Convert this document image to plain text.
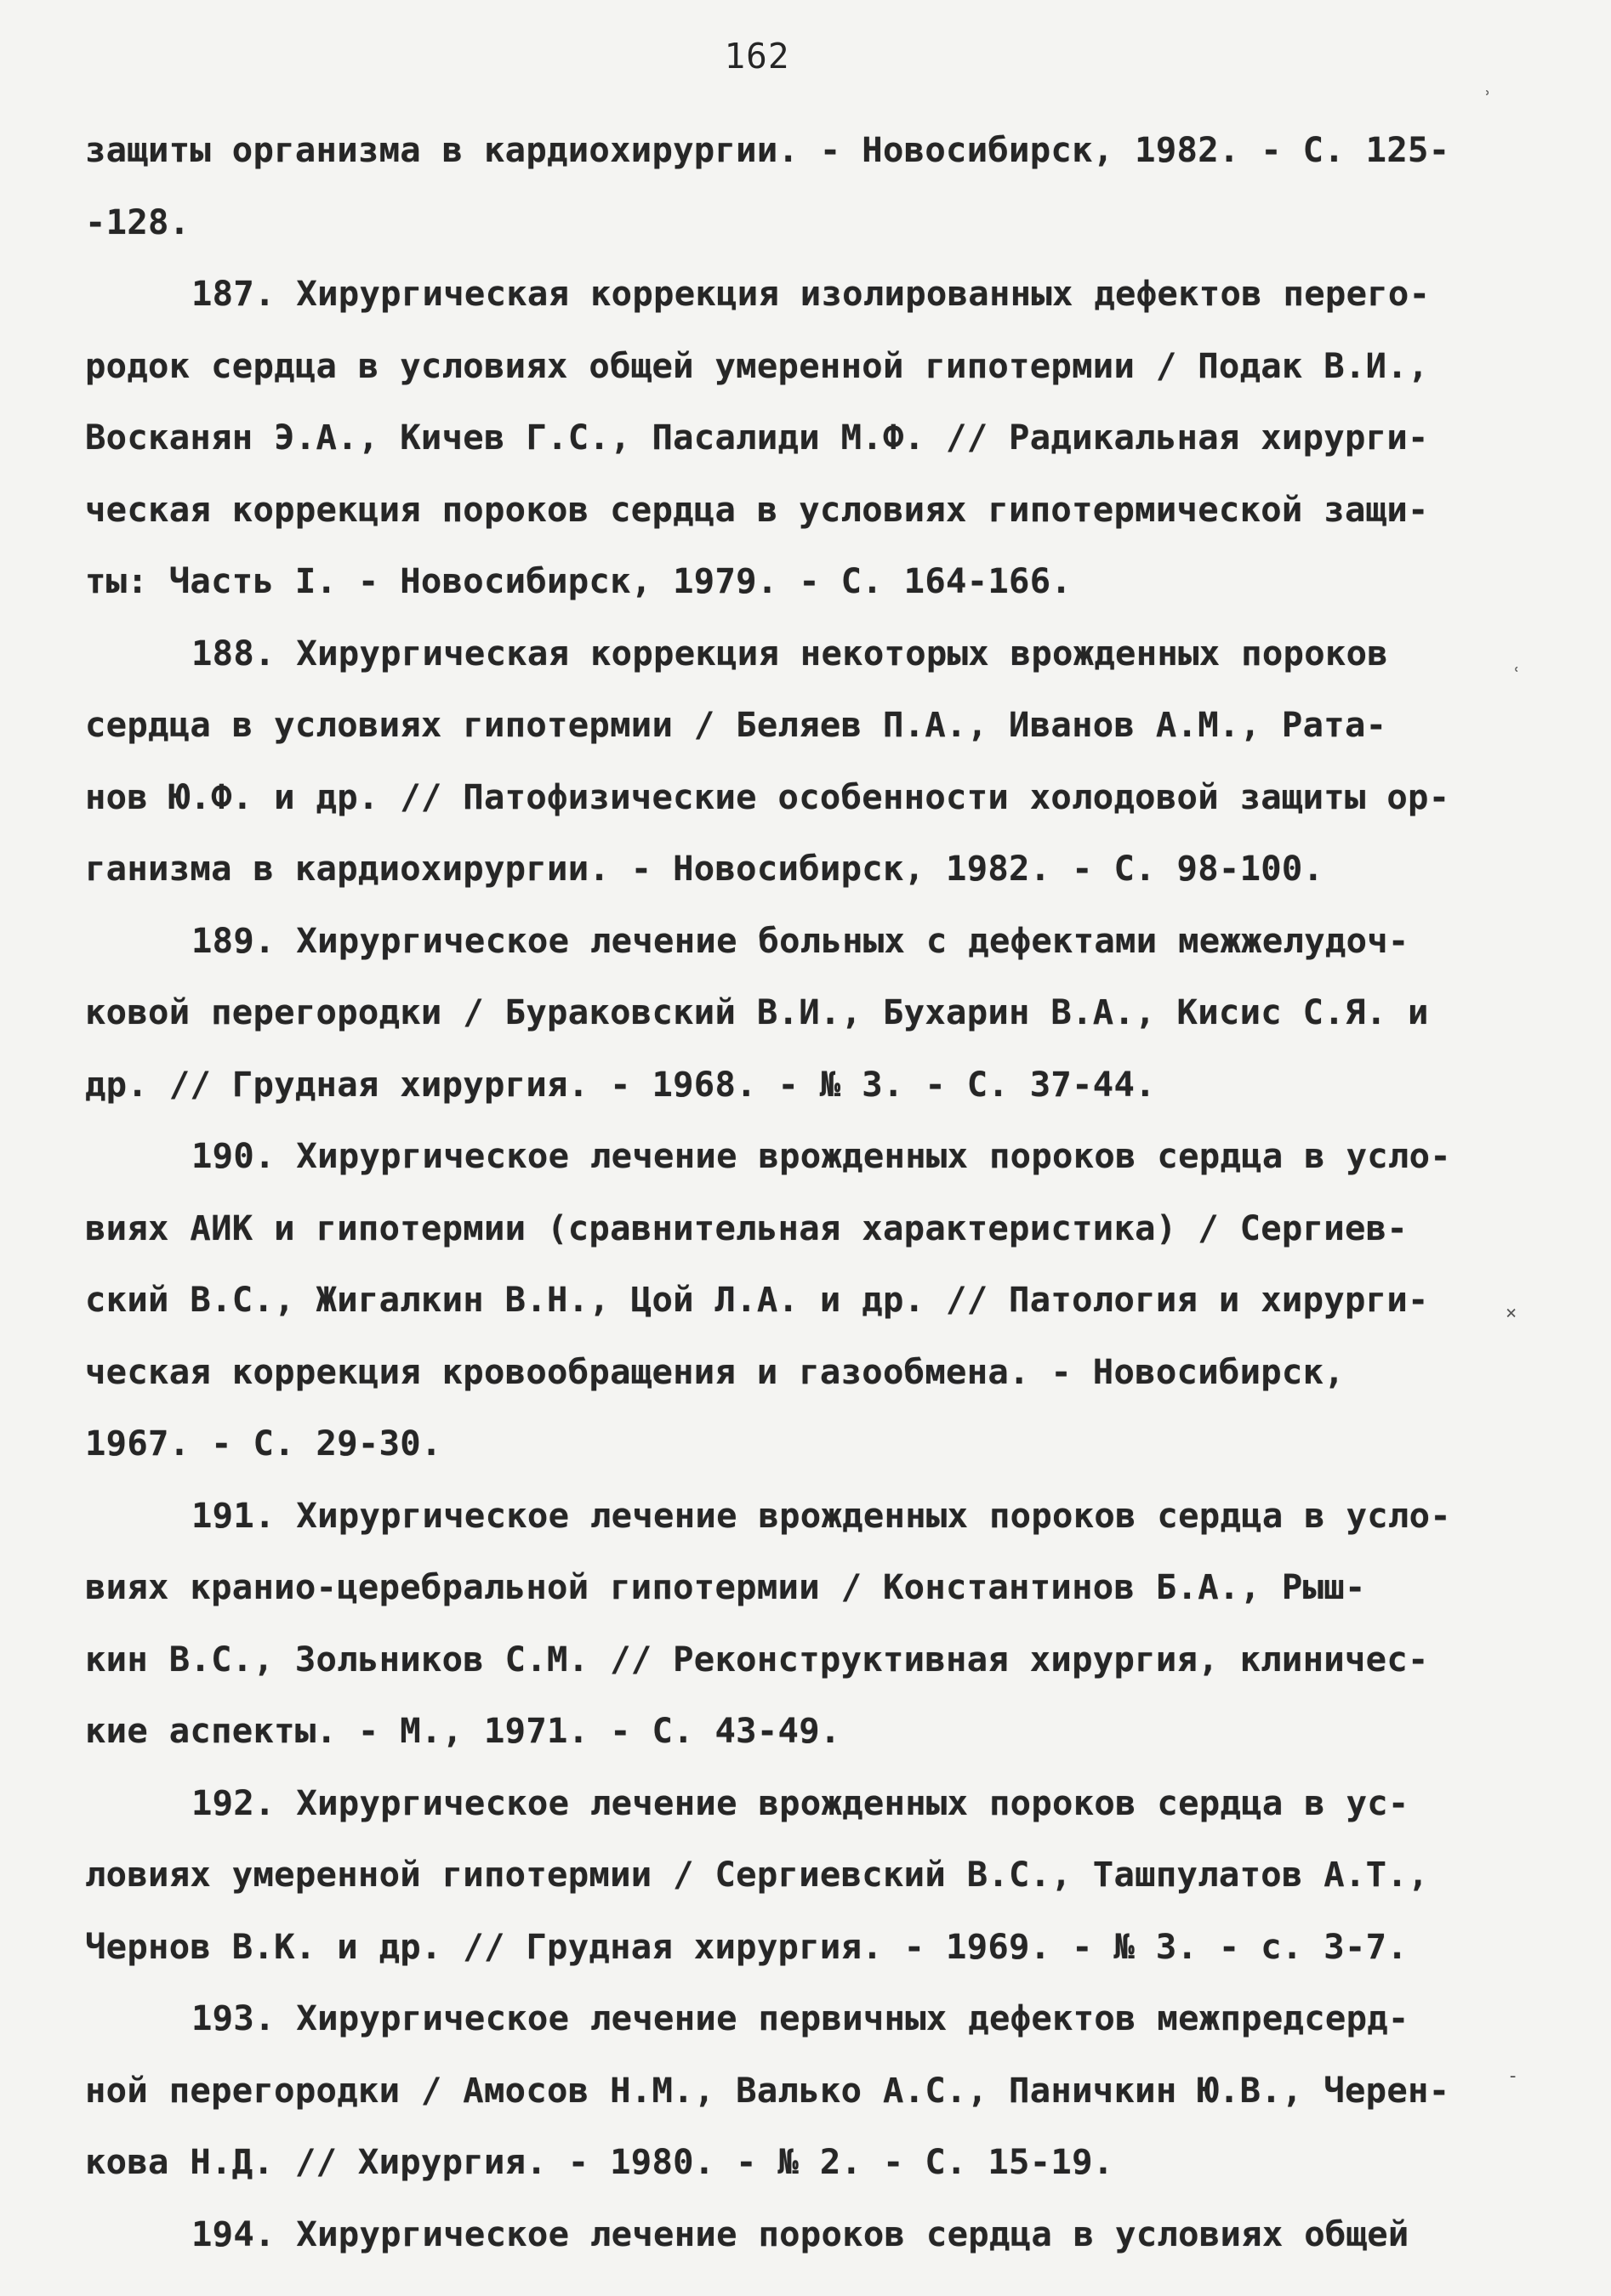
162
защиты организма в кардиохирургии. - Новосибирск, 1982. - С. 125-
-128.
187. Хирургическая коррекция изолированных дефектов перего-
родок сердца в условиях общей умеренной гипотермии / Подак В.И.,
Восканян Э.А., Кичев Г.С., Пасалиди М.Ф. // Радикальная хирурги-
ческая коррекция пороков сердца в условиях гипотермической защи-
ты: Часть I. - Новосибирск, 1979. - С. 164-166.
188. Хирургическая коррекция некоторых врожденных пороков
сердца в условиях гипотермии / Беляев П.А., Иванов А.М., Рата-
нов Ю.Ф. и др. // Патофизические особенности холодовой защиты ор-
ганизма в кардиохирургии. - Новосибирск, 1982. - С. 98-100.
189. Хирургическое лечение больных с дефектами межжелудоч-
ковой перегородки / Бураковский В.И., Бухарин В.А., Кисис С.Я. и
др. // Грудная хирургия. - 1968. - № 3. - С. 37-44.
190. Хирургическое лечение врожденных пороков сердца в усло-
виях АИК и гипотермии (сравнительная характеристика) / Сергиев-
ский В.С., Жигалкин В.Н., Цой Л.А. и др. // Патология и хирурги-
ческая коррекция кровообращения и газообмена. - Новосибирск,
1967. - С. 29-30.
191. Хирургическое лечение врожденных пороков сердца в усло-
виях кранио-церебральной гипотермии / Константинов Б.А., Рыш-
кин В.С., Зольников С.М. // Реконструктивная хирургия, клиничес-
кие аспекты. - М., 1971. - С. 43-49.
192. Хирургическое лечение врожденных пороков сердца в ус-
ловиях умеренной гипотермии / Сергиевский В.С., Ташпулатов А.Т.,
Чернов В.К. и др. // Грудная хирургия. - 1969. - № 3. - с. 3-7.
193. Хирургическое лечение первичных дефектов межпредсерд-
ной перегородки / Амосов Н.М., Валько А.С., Паничкин Ю.В., Черен-
кова Н.Д. // Хирургия. - 1980. - № 2. - С. 15-19.
194. Хирургическое лечение пороков сердца в условиях общей
ʾ
ʿ
×
-
